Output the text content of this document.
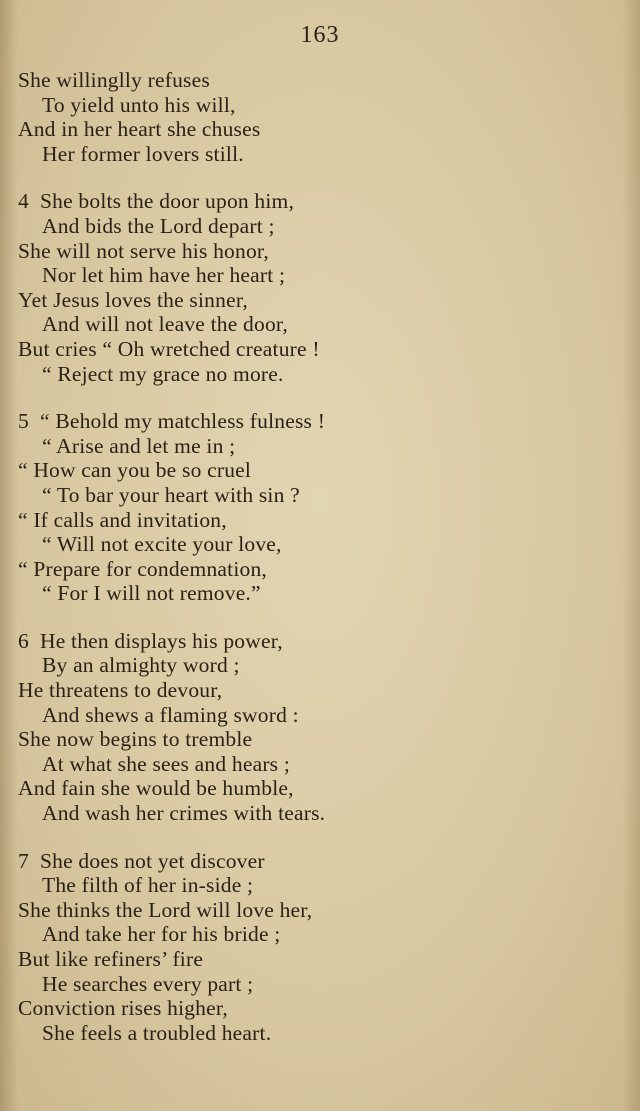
163
She willinglly refuses
To yield unto his will,
And in her heart she chuses
Her former lovers still.
4 She bolts the door upon him,
And bids the Lord depart ;
She will not serve his honor,
Nor let him have her heart ;
Yet Jesus loves the sinner,
And will not leave the door,
But cries “ Oh wretched creature !
“ Reject my grace no more.
5 “ Behold my matchless fulness !
“ Arise and let me in ;
“ How can you be so cruel
“ To bar your heart with sin ?
“ If calls and invitation,
“ Will not excite your love,
“ Prepare for condemnation,
“ For I will not remove.”
6 He then displays his power,
By an almighty word ;
He threatens to devour,
And shews a flaming sword :
She now begins to tremble
At what she sees and hears ;
And fain she would be humble,
And wash her crimes with tears.
7 She does not yet discover
The filth of her in-side ;
She thinks the Lord will love her,
And take her for his bride ;
But like refiners’ fire
He searches every part ;
Conviction rises higher,
She feels a troubled heart.
